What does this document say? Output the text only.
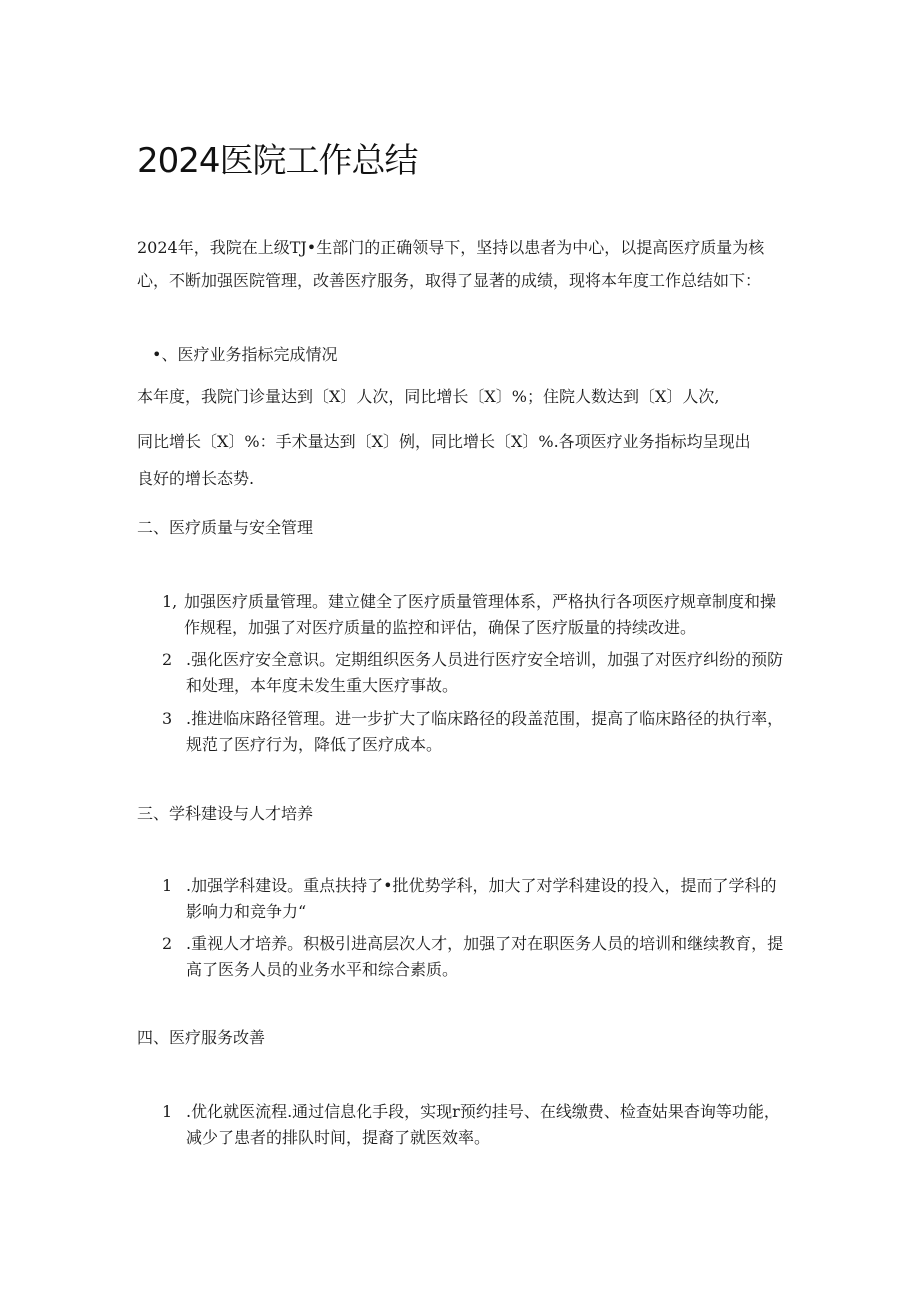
2024医院工作总结

2024年，我院在上级TJ•生部门的正确领导下，坚持以患者为中心，以提高医疗质量为核心，不断加强医院管理，改善医疗服务，取得了显著的成绩，现将本年度工作总结如下：

•、医疗业务指标完成情况
本年度，我院门诊量达到〔X〕人次，同比增长〔X〕%；住院人数达到〔X〕人次,
同比增长〔X〕%：手术量达到〔X〕例，同比增长〔X〕%.各项医疗业务指标均呈现出
良好的增长态势.
二、医疗质量与安全管理
1, 加强医疗质量管理。建立健全了医疗质量管理体系，严格执行各项医疗规章制度和操作规程，加强了对医疗质量的监控和评估，确保了医疗版量的持续改进。
2 .强化医疗安全意识。定期组织医务人员进行医疗安全培训，加强了对医疗纠纷的预防和处理，本年度未发生重大医疗事故。
3 .推进临床路径管理。进一步扩大了临床路径的段盖范围，提高了临床路径的执行率，规范了医疗行为，降低了医疗成本。
三、学科建设与人才培养
1 .加强学科建设。重点扶持了•批优势学科，加大了对学科建设的投入，提而了学科的影响力和竞争力“
2 .重视人才培养。积极引进高层次人才，加强了对在职医务人员的培训和继续教育，提高了医务人员的业务水平和综合素质。
四、医疗服务改善
1 .优化就医流程.通过信息化手段，实现r预约挂号、在线缴费、检查姑果杳询等功能，减少了患者的排队时间，提裔了就医效率。
